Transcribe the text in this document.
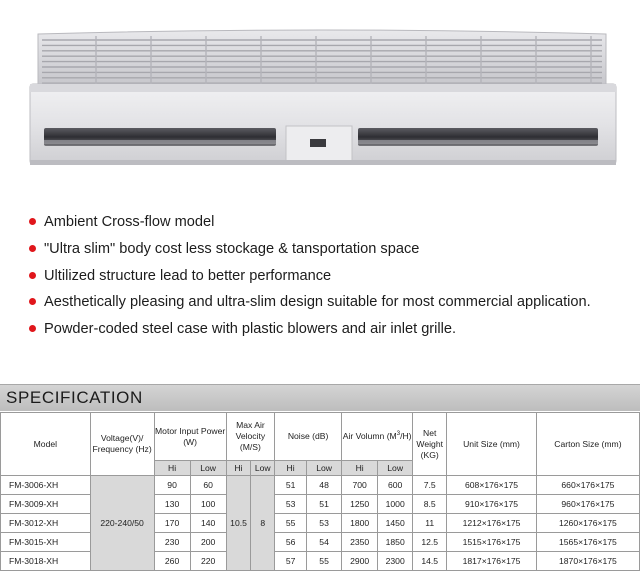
Ambient Cross-flow model
"Ultra slim" body cost less stockage & tansportation space
Ultilized structure lead to better performance
Aesthetically pleasing and ultra-slim design suitable for most commercial application.
Powder-coded steel case with plastic blowers and air inlet grille.
SPECIFICATION
Model	Voltage(V)/ Frequency (Hz)	Motor Input Power (W)		Max Air Velocity (M/S)		Noise (dB)		Air Volumn $(M^3/H)$		Net Weight (KG)	Unit Size (mm)	Carton Size (mm)
		Hi	Low	Hi	Low	Hi	Low	Hi	Low			
FM-3006-XH	220-240/50	90	60	10.5	8	51	48	700	600	7.5	608×176×175	660×176×175
FM-3009-XH		130	100			53	51	1250	1000	8.5	910×176×175	960×176×175
FM-3012-XH		170	140			55	53	1800	1450	11	1212×176×175	1260×176×175
FM-3015-XH		230	200			56	54	2350	1850	12.5	1515×176×175	1565×176×175
FM-3018-XH		260	220			57	55	2900	2300	14.5	1817×176×175	1870×176×175
